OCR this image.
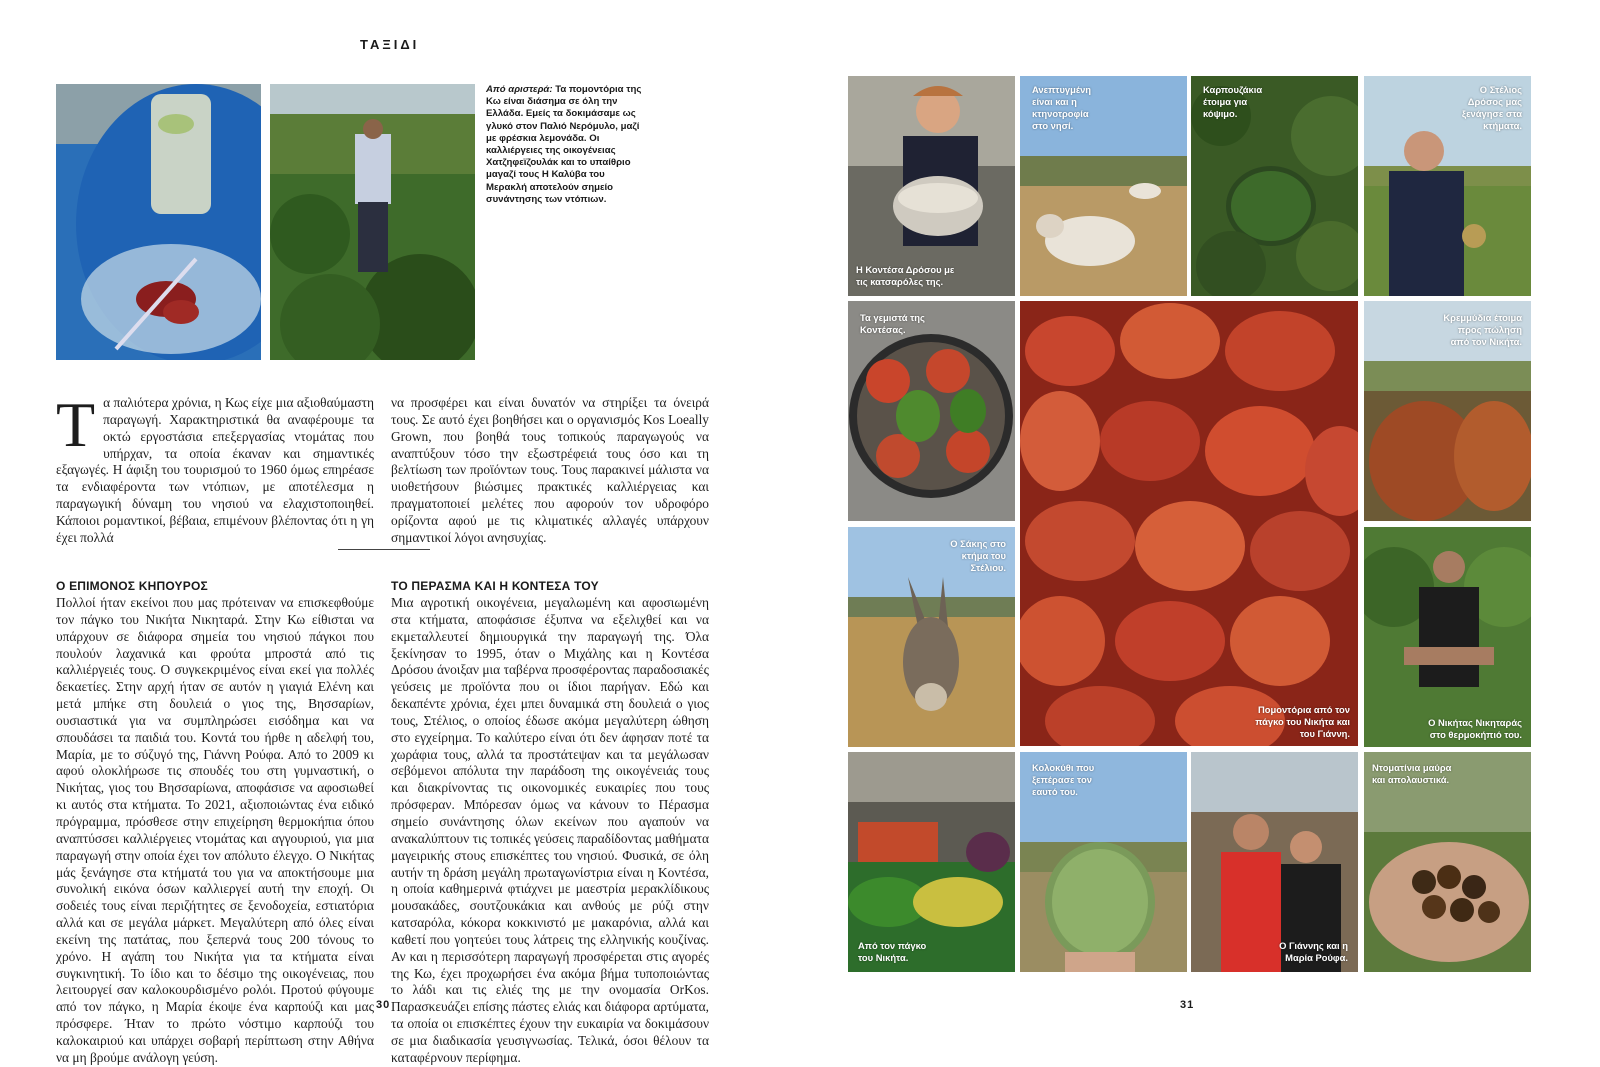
ΤΑΞΙΔΙ
Από αριστερά: Τα πομοντόρια της Κω είναι διάσημα σε όλη την Ελλάδα. Εμείς τα δοκιμάσαμε ως γλυκό στον Παλιό Νερόμυλο, μαζί με φρέσκια λεμονάδα. Οι καλλιέργειες της οικογένειας Χατζηφεϊζουλάκ και το υπαίθριο μαγαζί τους Η Καλύβα του Μερακλή αποτελούν σημείο συνάντησης των ντόπιων.
Τα παλιότερα χρόνια, η Κως είχε μια αξιοθαύμαστη παραγωγή. Χαρακτηριστικά θα αναφέρουμε τα οκτώ εργοστάσια επεξεργασίας ντομάτας που υπήρχαν, τα οποία έκαναν και σημαντικές εξαγωγές. Η άφιξη του τουρισμού το 1960 όμως επηρέασε τα ενδιαφέροντα των ντόπιων, με αποτέλεσμα η παραγωγική δύναμη του νησιού να ελαχιστοποιηθεί. Κάποιοι ρομαντικοί, βέβαια, επιμένουν βλέποντας ότι η γη έχει πολλά
να προσφέρει και είναι δυνατόν να στηρίξει τα όνειρά τους. Σε αυτό έχει βοηθήσει και ο οργανισμός Kos Loeally Grown, που βοηθά τους τοπικούς παραγωγούς να αναπτύξουν τόσο την εξωστρέφειά τους όσο και τη βελτίωση των προϊόντων τους. Τους παρακινεί μάλιστα να υιοθετήσουν βιώσιμες πρακτικές καλλιέργειας και πραγματοποιεί μελέτες που αφορούν τον υδροφόρο ορίζοντα αφού με τις κλιματικές αλλαγές υπάρχουν σημαντικοί λόγοι ανησυχίας.
Ο ΕΠΙΜΟΝΟΣ ΚΗΠΟΥΡΟΣ
Πολλοί ήταν εκείνοι που μας πρότειναν να επισκεφθούμε τον πάγκο του Νικήτα Νικηταρά. Στην Κω είθισται να υπάρχουν σε διάφορα σημεία του νησιού πάγκοι που πουλούν λαχανικά και φρούτα μπροστά από τις καλλιέργειές τους. Ο συγκεκριμένος είναι εκεί για πολλές δεκαετίες. Στην αρχή ήταν σε αυτόν η γιαγιά Ελένη και μετά μπήκε στη δουλειά ο γιος της, Βησσαρίων, ουσιαστικά για να συμπληρώσει εισόδημα και να σπουδάσει τα παιδιά του. Κοντά του ήρθε η αδελφή του, Μαρία, με το σύζυγό της, Γιάννη Ρούφα. Από το 2009 κι αφού ολοκλήρωσε τις σπουδές του στη γυμναστική, ο Νικήτας, γιος του Βησσαρίωνα, αποφάσισε να αφοσιωθεί κι αυτός στα κτήματα. Το 2021, αξιοποιώντας ένα ειδικό πρόγραμμα, πρόσθεσε στην επιχείρηση θερμοκήπια όπου αναπτύσσει καλλιέργειες ντομάτας και αγγουριού, για μια παραγωγή στην οποία έχει τον απόλυτο έλεγχο. Ο Νικήτας μάς ξενάγησε στα κτήματά του για να αποκτήσουμε μια συνολική εικόνα όσων καλλιεργεί αυτή την εποχή. Οι σοδειές τους είναι περιζήτητες σε ξενοδοχεία, εστιατόρια αλλά και σε μεγάλα μάρκετ. Μεγαλύτερη από όλες είναι εκείνη της πατάτας, που ξεπερνά τους 200 τόνους το χρόνο. Η αγάπη του Νικήτα για τα κτήματα είναι συγκινητική. Το ίδιο και το δέσιμο της οικογένειας, που λειτουργεί σαν καλοκουρδισμένο ρολόι. Προτού φύγουμε από τον πάγκο, η Μαρία έκοψε ένα καρπούζι και μας πρόσφερε. Ήταν το πρώτο νόστιμο καρπούζι του καλοκαιριού και υπάρχει σοβαρή περίπτωση στην Αθήνα να μη βρούμε ανάλογη γεύση.
ΤΟ ΠΕΡΑΣΜΑ ΚΑΙ Η ΚΟΝΤΕΣΑ ΤΟΥ
Μια αγροτική οικογένεια, μεγαλωμένη και αφοσιωμένη στα κτήματα, αποφάσισε έξυπνα να εξελιχθεί και να εκμεταλλευτεί δημιουργικά την παραγωγή της. Όλα ξεκίνησαν το 1995, όταν ο Μιχάλης και η Κοντέσα Δρόσου άνοιξαν μια ταβέρνα προσφέροντας παραδοσιακές γεύσεις με προϊόντα που οι ίδιοι παρήγαν. Εδώ και δεκαπέντε χρόνια, έχει μπει δυναμικά στη δουλειά ο γιος τους, Στέλιος, ο οποίος έδωσε ακόμα μεγαλύτερη ώθηση στο εγχείρημα. Το καλύτερο είναι ότι δεν άφησαν ποτέ τα χωράφια τους, αλλά τα προστάτεψαν και τα μεγάλωσαν σεβόμενοι απόλυτα την παράδοση της οικογένειάς τους και διακρίνοντας τις οικονομικές ευκαιρίες που τους πρόσφεραν. Μπόρεσαν όμως να κάνουν το Πέρασμα σημείο συνάντησης όλων εκείνων που αγαπούν να ανακαλύπτουν τις τοπικές γεύσεις παραδίδοντας μαθήματα μαγειρικής στους επισκέπτες του νησιού. Φυσικά, σε όλη αυτήν τη δράση μεγάλη πρωταγωνίστρια είναι η Κοντέσα, η οποία καθημερινά φτιάχνει με μαεστρία μερακλίδικους μουσακάδες, σουτζουκάκια και ανθούς με ρύζι στην κατσαρόλα, κόκορα κοκκινιστό με μακαρόνια, αλλά και καθετί που γοητεύει τους λάτρεις της ελληνικής κουζίνας. Αν και η περισσότερη παραγωγή προσφέρεται στις αγορές της Κω, έχει προχωρήσει ένα ακόμα βήμα τυποποιώντας το λάδι και τις ελιές της με την ονομασία OrKos. Παρασκευάζει επίσης πάστες ελιάς και διάφορα αρτύματα, τα οποία οι επισκέπτες έχουν την ευκαιρία να δοκιμάσουν σε μια διαδικασία γευσιγνωσίας. Τελικά, όσοι θέλουν τα καταφέρνουν περίφημα.
30	31
Η Κοντέσα Δρόσου με τις κατσαρόλες της.
Ανεπτυγμένη είναι και η κτηνοτροφία στο νησί.
Καρπουζάκια έτοιμα για κόψιμο.
Ο Στέλιος Δρόσος μας ξενάγησε στα κτήματα.
Τα γεμιστά της Κοντέσας.
Πομοντόρια από τον πάγκο του Νικήτα και του Γιάννη.
Κρεμμύδια έτοιμα προς πώληση από τον Νικήτα.
Ο Σάκης στο κτήμα του Στέλιου.
Ο Νικήτας Νικηταράς στο θερμοκήπιό του.
Από τον πάγκο του Νικήτα.
Κολοκύθι που ξεπέρασε τον εαυτό του.
Ο Γιάννης και η Μαρία Ρούφα.
Ντοματίνια μαύρα και απολαυστικά.
